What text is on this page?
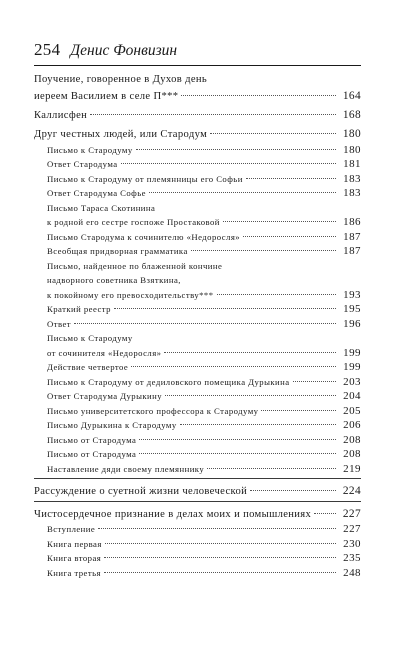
254 Денис Фонвизин
Поучение, говоренное в Духов день
иереем Василием в селе П***	164
Каллисфен	168
Друг честных людей, или Стародум	180
Письмо к Стародуму	180
Ответ Стародума	181
Письмо к Стародуму от племянницы его Софьи	183
Ответ Стародума Софье	183
Письмо Тараса Скотинина
к родной его сестре госпоже Простаковой	186
Письмо Стародума к сочинителю «Недоросля»	187
Всеобщая придворная грамматика	187
Письмо, найденное по блаженной кончине
надворного советника Взяткина,
к покойному его превосходительству***	193
Краткий реестр	195
Ответ	196
Письмо к Стародуму
от сочинителя «Недоросля»	199
Действие четвертое	199
Письмо к Стародуму от дедиловского помещика Дурыкина	203
Ответ Стародума Дурыкину	204
Письмо университетского профессора к Стародуму	205
Письмо Дурыкина к Стародуму	206
Письмо от Стародума	208
Письмо от Стародума	208
Наставление дяди своему племяннику	219
Рассуждение о суетной жизни человеческой	224
Чистосердечное признание в делах моих и помышлениях	227
Вступление	227
Книга первая	230
Книга вторая	235
Книга третья	248
